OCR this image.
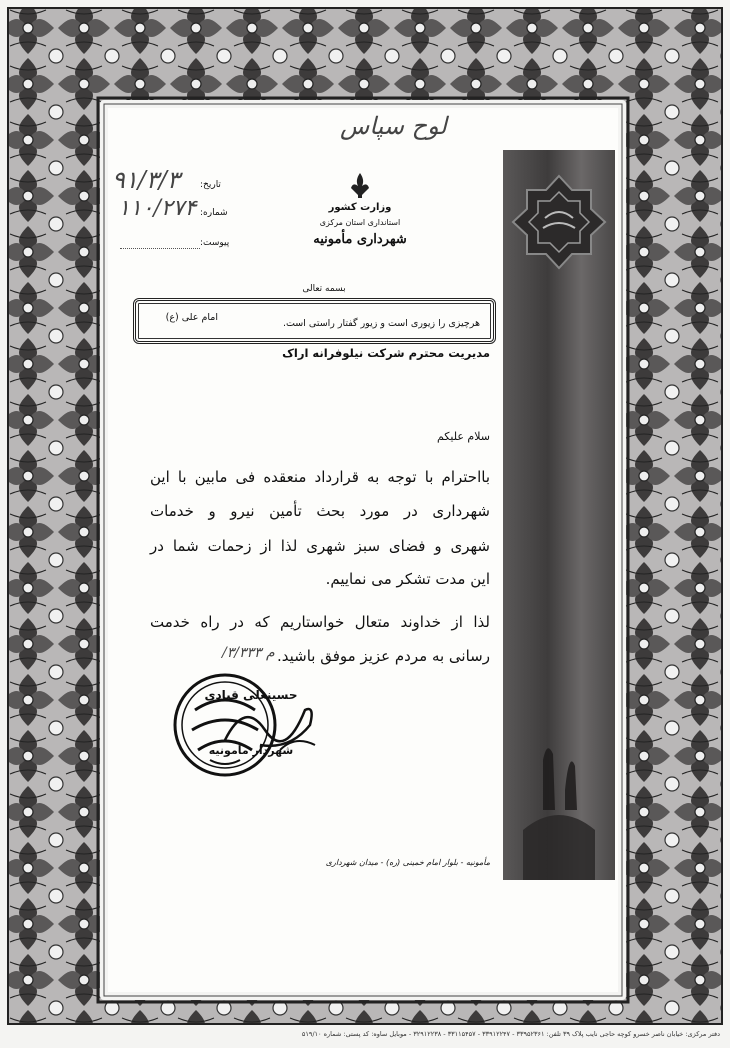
لوح سپاس
وزارت کشور
استانداری استان مرکزی
شهرداری مأمونیه
تاریخ:
۹۱/۳/۳
شماره:
۱۱۰/۲۷۴
پیوست:
بسمه تعالی
هرچیزی را زیوری است و زیور گفتار راستی است.
امام علی (ع)
مدیریت محترم شرکت نیلوفرانه اراک
سلام علیکم
بااحترام با توجه به قرارداد منعقده فی مابین با این
شهرداری در مورد بحث تأمین نیرو و خدمات
شهری و فضای سبز شهری لذا از زحمات شما در
این مدت تشکر می نماییم.
لذا از خداوند متعال خواستاریم که در راه خدمت
رسانی به مردم عزیز موفق باشید.
/۳/۳۳۳ م
حسینعلی قبادی
شهردار مأمونیه
مأمونیه - بلوار امام خمینی (ره) - میدان شهرداری
دفتر مرکزی: خیابان ناصر خسرو کوچه حاجی نایب پلاک ۳۹ تلفن: ۳۳۹۵۲۳۶۱ - ۳۳۹۱۲۲۴۷ - ۳۳۱۱۵۴۵۷ - ۳۲۹۱۲۲۳۸ - موبایل ساوه: کد پستی: شماره ۵۱۹/۱۰
